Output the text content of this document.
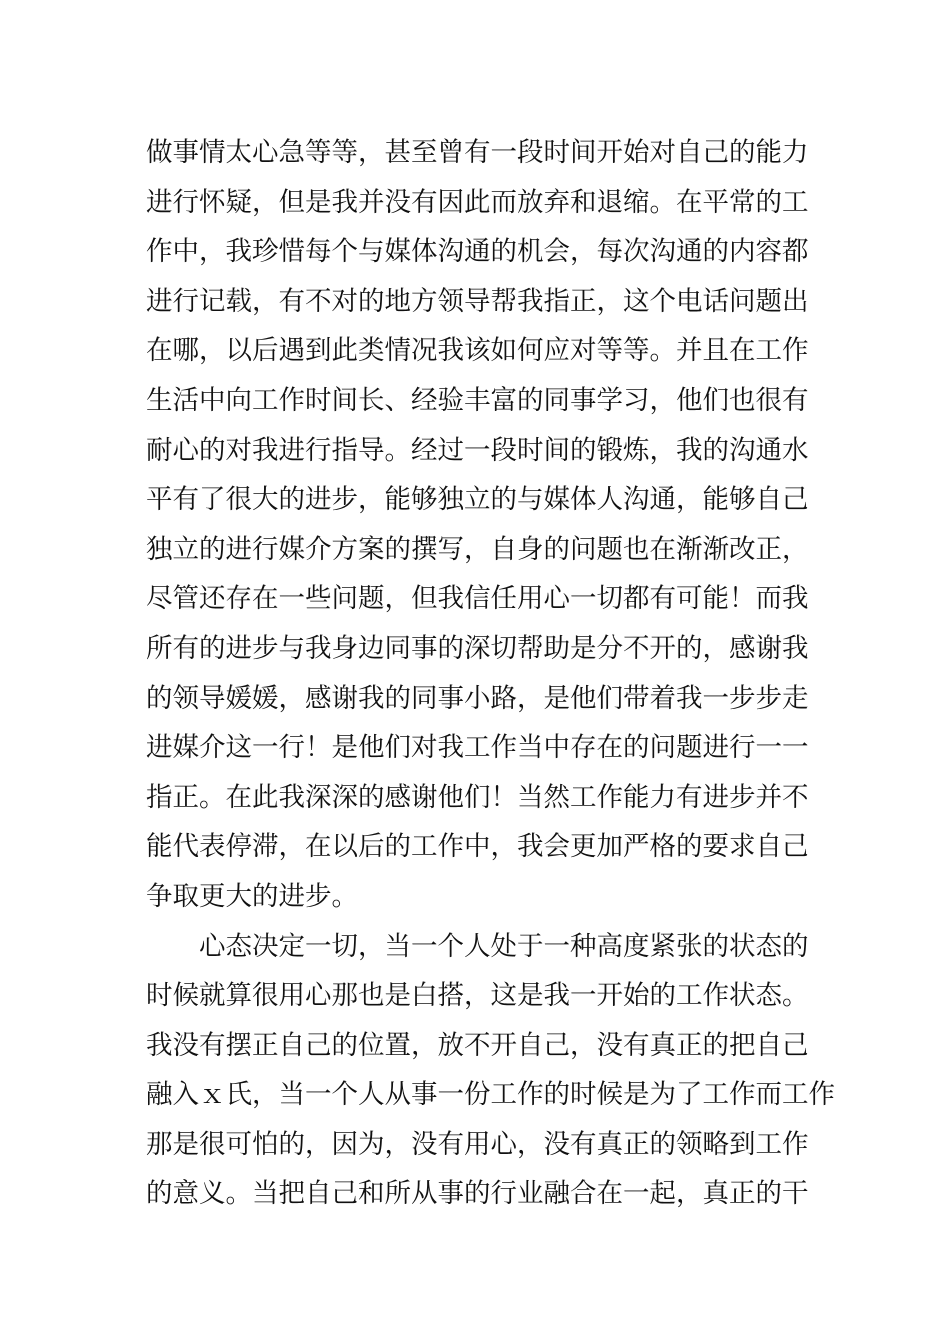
做事情太心急等等，甚至曾有一段时间开始对自己的能力
进行怀疑，但是我并没有因此而放弃和退缩。在平常的工
作中，我珍惜每个与媒体沟通的机会，每次沟通的内容都
进行记载，有不对的地方领导帮我指正，这个电话问题出
在哪，以后遇到此类情况我该如何应对等等。并且在工作
生活中向工作时间长、经验丰富的同事学习，他们也很有
耐心的对我进行指导。经过一段时间的锻炼，我的沟通水
平有了很大的进步，能够独立的与媒体人沟通，能够自己
独立的进行媒介方案的撰写，自身的问题也在渐渐改正，
尽管还存在一些问题，但我信任用心一切都有可能！而我
所有的进步与我身边同事的深切帮助是分不开的，感谢我
的领导媛媛，感谢我的同事小路，是他们带着我一步步走
进媒介这一行！是他们对我工作当中存在的问题进行一一
指正。在此我深深的感谢他们！当然工作能力有进步并不
能代表停滞，在以后的工作中，我会更加严格的要求自己
争取更大的进步。
心态决定一切，当一个人处于一种高度紧张的状态的
时候就算很用心那也是白搭，这是我一开始的工作状态。
我没有摆正自己的位置，放不开自己，没有真正的把自己
融入ｘ氏，当一个人从事一份工作的时候是为了工作而工作
那是很可怕的，因为，没有用心，没有真正的领略到工作
的意义。当把自己和所从事的行业融合在一起，真正的干
